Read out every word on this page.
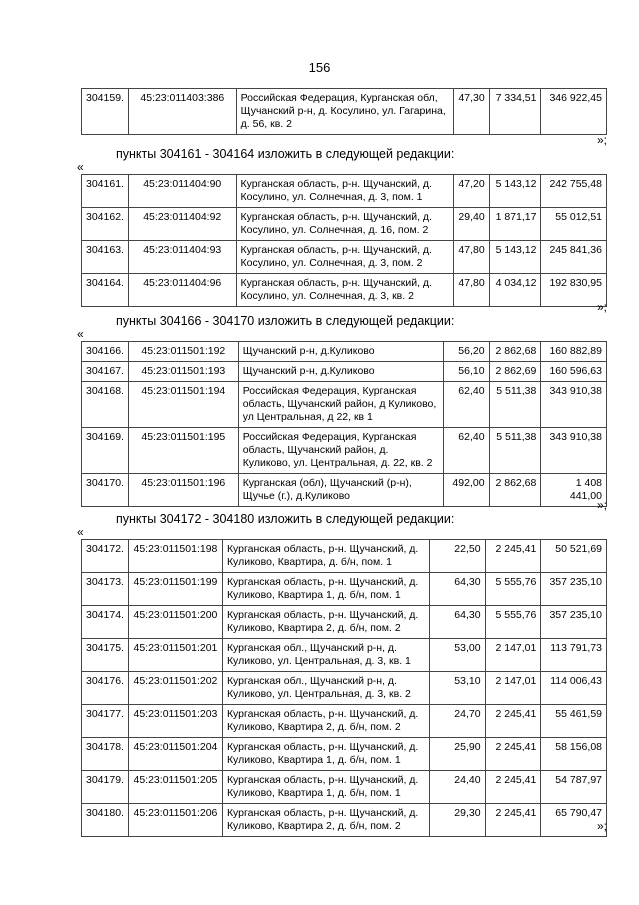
156
304159.	45:23:011403:386	Российская Федерация, Курганская обл, Щучанский р-н, д. Косулино, ул. Гагарина, д. 56, кв. 2	47,30	7 334,51	346 922,45
»;
пункты 304161 - 304164 изложить в следующей редакции:
«
304161.	45:23:011404:90	Курганская область, р-н. Щучанский, д. Косулино, ул. Солнечная, д. 3, пом. 1	47,20	5 143,12	242 755,48
304162.	45:23:011404:92	Курганская область, р-н. Щучанский, д. Косулино, ул. Солнечная, д. 16, пом. 2	29,40	1 871,17	55 012,51
304163.	45:23:011404:93	Курганская область, р-н. Щучанский, д. Косулино, ул. Солнечная, д. 3, пом. 2	47,80	5 143,12	245 841,36
304164.	45:23:011404:96	Курганская область, р-н. Щучанский, д. Косулино, ул. Солнечная, д. 3, кв. 2	47,80	4 034,12	192 830,95
»;
пункты 304166 - 304170 изложить в следующей редакции:
«
304166.	45:23:011501:192	Щучанский р-н, д.Куликово	56,20	2 862,68	160 882,89
304167.	45:23:011501:193	Щучанский р-н, д.Куликово	56,10	2 862,69	160 596,63
304168.	45:23:011501:194	Российская Федерация, Курганская область, Щучанский район, д Куликово, ул Центральная, д 22, кв 1	62,40	5 511,38	343 910,38
304169.	45:23:011501:195	Российская Федерация, Курганская область, Щучанский район, д. Куликово, ул. Центральная, д. 22, кв. 2	62,40	5 511,38	343 910,38
304170.	45:23:011501:196	Курганская (обл), Щучанский (р-н), Щучье (г.), д.Куликово	492,00	2 862,68	1 408 441,00
»;
пункты 304172 - 304180 изложить в следующей редакции:
«
304172.	45:23:011501:198	Курганская область, р-н. Щучанский, д. Куликово, Квартира, д. б/н, пом. 1	22,50	2 245,41	50 521,69
304173.	45:23:011501:199	Курганская область, р-н. Щучанский, д. Куликово, Квартира 1, д. б/н, пом. 1	64,30	5 555,76	357 235,10
304174.	45:23:011501:200	Курганская область, р-н. Щучанский, д. Куликово, Квартира 2, д. б/н, пом. 2	64,30	5 555,76	357 235,10
304175.	45:23:011501:201	Курганская обл., Щучанский р-н, д. Куликово, ул. Центральная, д. 3, кв. 1	53,00	2 147,01	113 791,73
304176.	45:23:011501:202	Курганская обл., Щучанский р-н, д. Куликово, ул. Центральная, д. 3, кв. 2	53,10	2 147,01	114 006,43
304177.	45:23:011501:203	Курганская область, р-н. Щучанский, д. Куликово, Квартира 2, д. б/н, пом. 2	24,70	2 245,41	55 461,59
304178.	45:23:011501:204	Курганская область, р-н. Щучанский, д. Куликово, Квартира 1, д. б/н, пом. 1	25,90	2 245,41	58 156,08
304179.	45:23:011501:205	Курганская область, р-н. Щучанский, д. Куликово, Квартира 1, д. б/н, пом. 1	24,40	2 245,41	54 787,97
304180.	45:23:011501:206	Курганская область, р-н. Щучанский, д. Куликово, Квартира 2, д. б/н, пом. 2	29,30	2 245,41	65 790,47
»;
